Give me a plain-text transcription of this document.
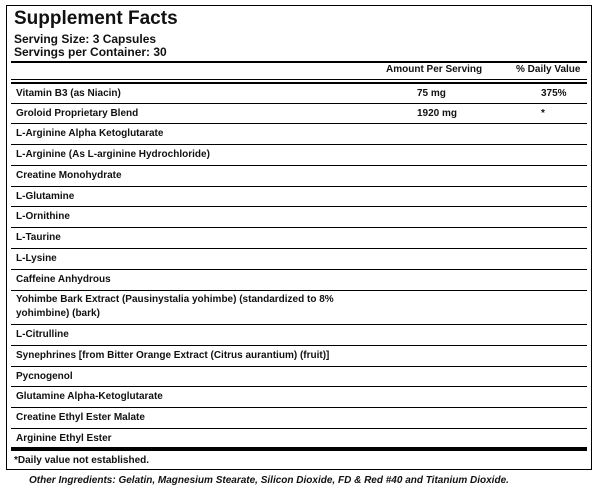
Supplement Facts
Serving Size: 3 Capsules
Servings per Container: 30
Amount Per Serving	% Daily Value
Vitamin B3 (as Niacin)	75 mg	375%
Groloid Proprietary Blend	1920 mg	*
L-Arginine Alpha Ketoglutarate
L-Arginine (As L-arginine Hydrochloride)
Creatine Monohydrate
L-Glutamine
L-Ornithine
L-Taurine
L-Lysine
Caffeine Anhydrous
Yohimbe Bark Extract (Pausinystalia yohimbe) (standardized to 8%
yohimbine) (bark)
L-Citrulline
Synephrines [from Bitter Orange Extract (Citrus aurantium) (fruit)]
Pycnogenol
Glutamine Alpha-Ketoglutarate
Creatine Ethyl Ester Malate
Arginine Ethyl Ester
*Daily value not established.
Other Ingredients: Gelatin, Magnesium Stearate, Silicon Dioxide, FD & Red #40 and Titanium Dioxide.
